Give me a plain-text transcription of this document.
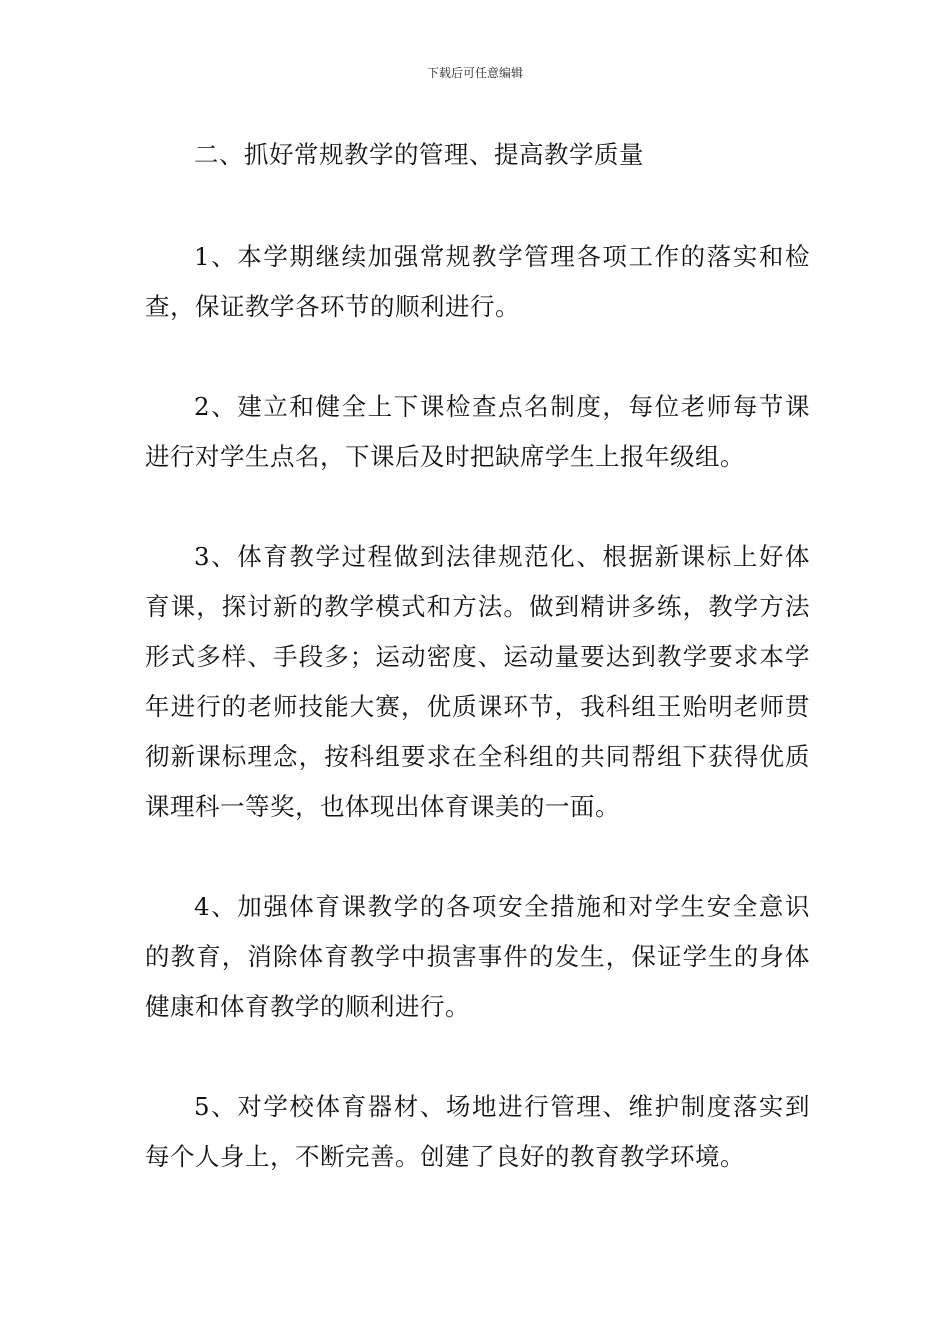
下载后可任意编辑
二、抓好常规教学的管理、提高教学质量

1、本学期继续加强常规教学管理各项工作的落实和检查，保证教学各环节的顺利进行。

2、建立和健全上下课检查点名制度，每位老师每节课进行对学生点名，下课后及时把缺席学生上报年级组。

3、体育教学过程做到法律规范化、根据新课标上好体育课，探讨新的教学模式和方法。做到精讲多练，教学方法形式多样、手段多；运动密度、运动量要达到教学要求本学年进行的老师技能大赛，优质课环节，我科组王贻明老师贯彻新课标理念，按科组要求在全科组的共同帮组下获得优质课理科一等奖，也体现出体育课美的一面。

4、加强体育课教学的各项安全措施和对学生安全意识的教育，消除体育教学中损害事件的发生，保证学生的身体健康和体育教学的顺利进行。

5、对学校体育器材、场地进行管理、维护制度落实到每个人身上，不断完善。创建了良好的教育教学环境。
